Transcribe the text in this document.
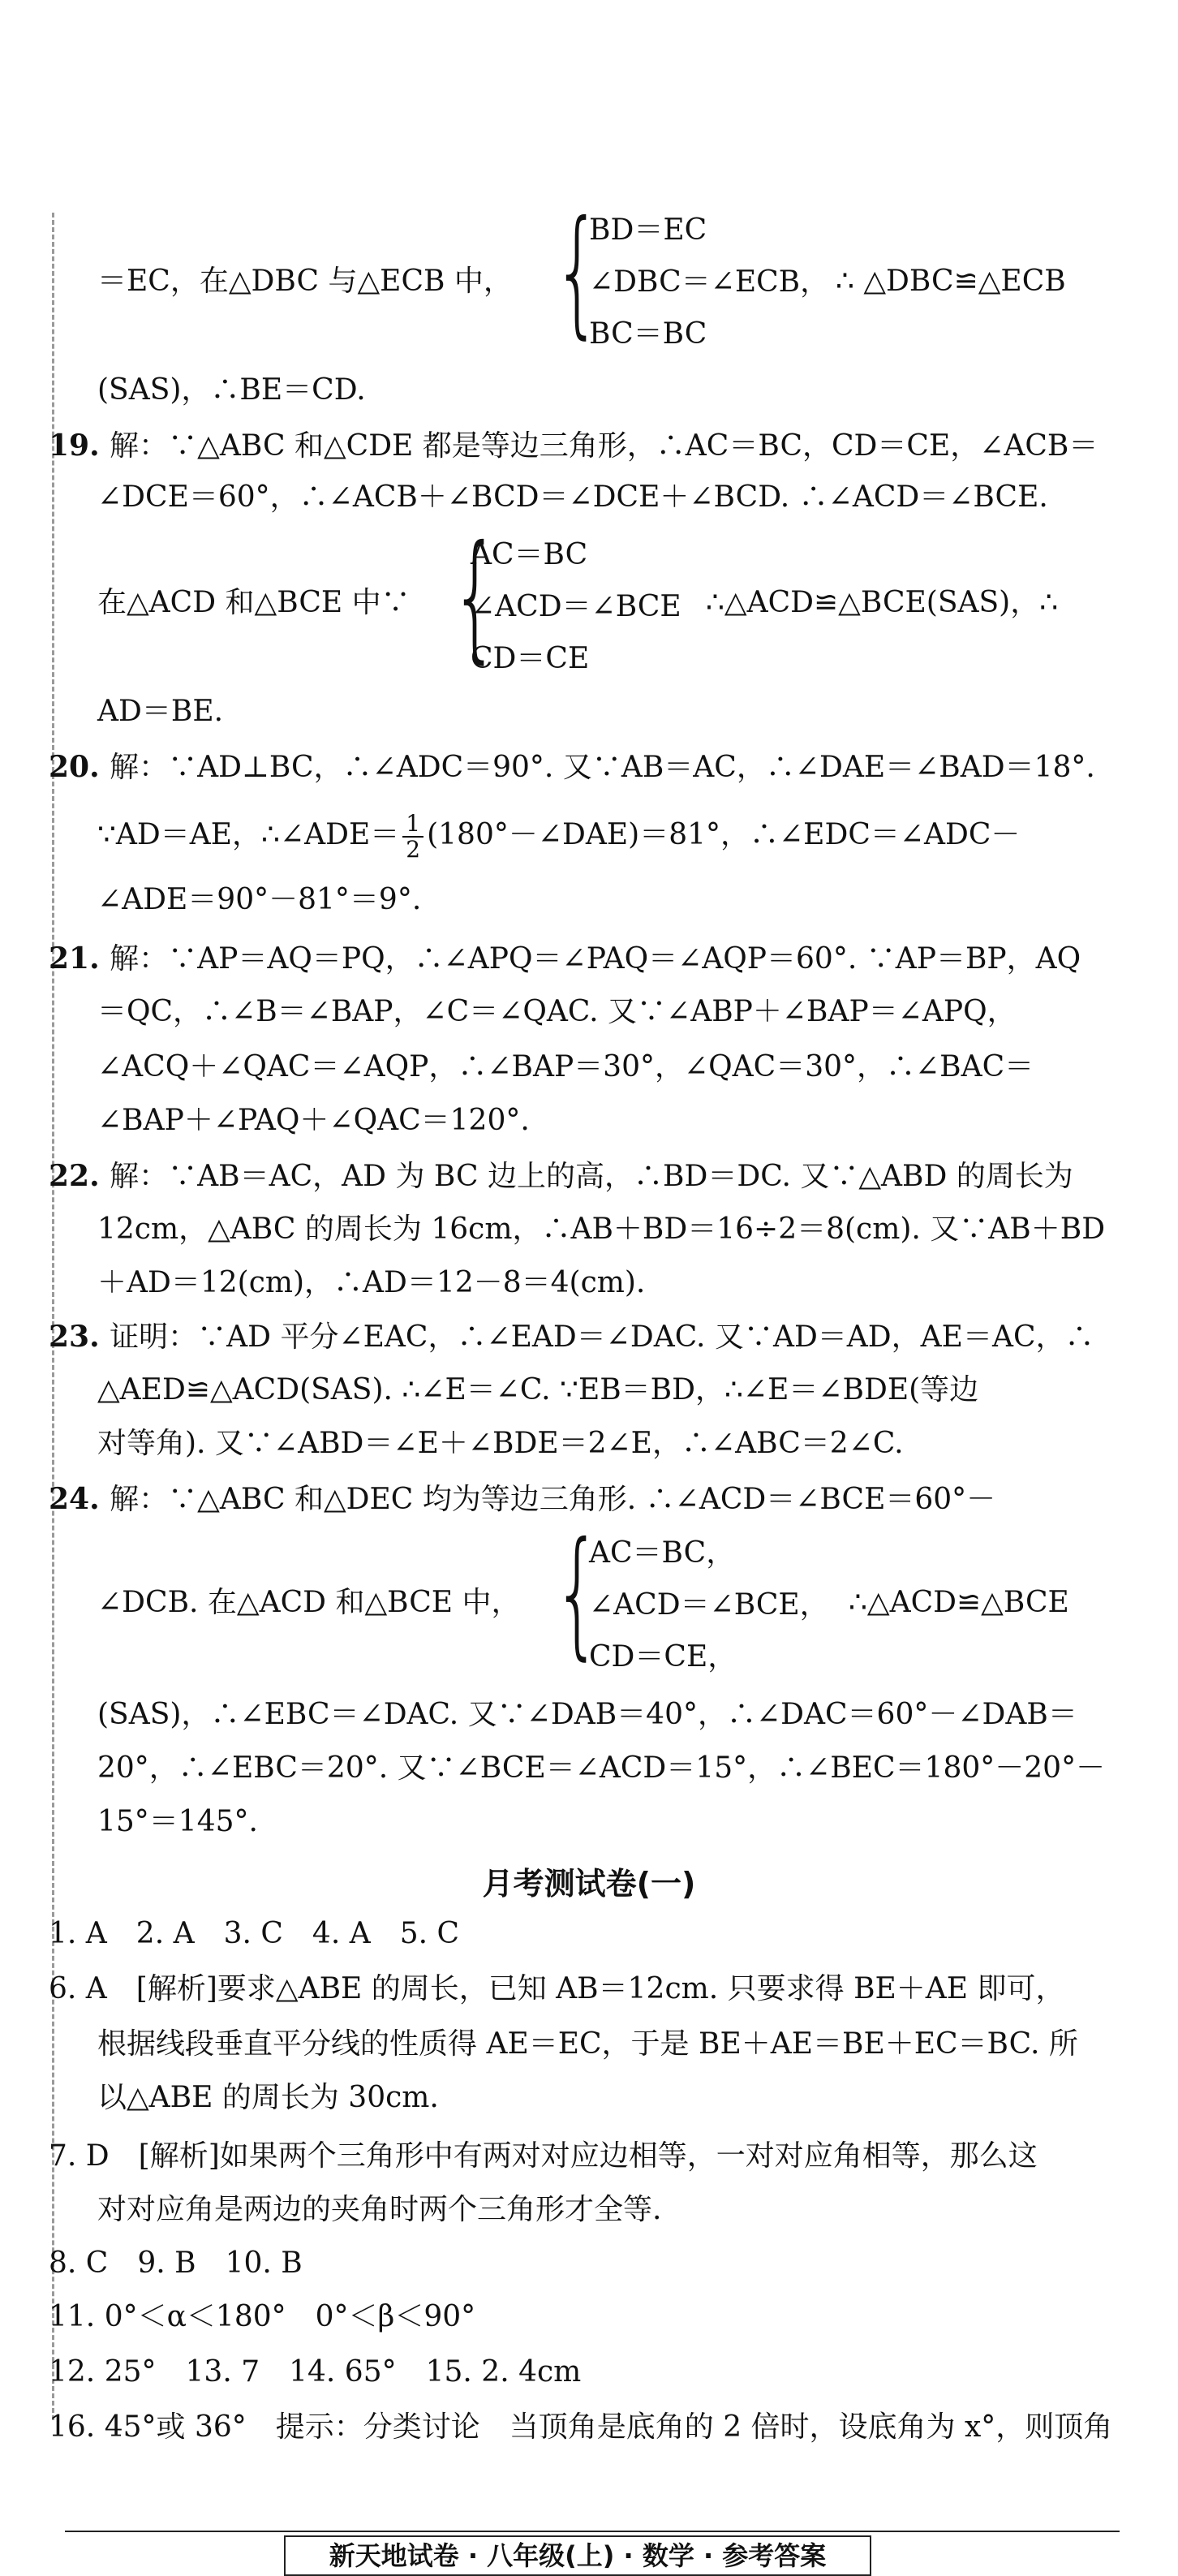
＝EC，在△DBC 与△ECB 中， {
BD＝EC
∠DBC＝∠ECB，
BC＝BC
∴ △DBC≌△ECB
(SAS)，∴BE＝CD.
19. 解：∵△ABC 和△CDE 都是等边三角形，∴AC＝BC，CD＝CE，∠ACB＝
∠DCE＝60°，∴∠ACB＋∠BCD＝∠DCE＋∠BCD. ∴∠ACD＝∠BCE.
在△ACD 和△BCE 中∵ {
AC＝BC
∠ACD＝∠BCE
CD＝CE
∴△ACD≌△BCE(SAS)，∴
AD＝BE.
20. 解：∵AD⊥BC，∴∠ADC＝90°. 又∵AB＝AC，∴∠DAE＝∠BAD＝18°.
∵AD＝AE，∴∠ADE＝ $\frac{1}{2}$ (180°－∠DAE)＝81°，∴∠EDC＝∠ADC－
∠ADE＝90°－81°＝9°.
21. 解：∵AP＝AQ＝PQ，∴∠APQ＝∠PAQ＝∠AQP＝60°. ∵AP＝BP，AQ
＝QC，∴∠B＝∠BAP，∠C＝∠QAC. 又∵∠ABP＋∠BAP＝∠APQ，
∠ACQ＋∠QAC＝∠AQP，∴∠BAP＝30°，∠QAC＝30°，∴∠BAC＝
∠BAP＋∠PAQ＋∠QAC＝120°.
22. 解：∵AB＝AC，AD 为 BC 边上的高，∴BD＝DC. 又∵△ABD 的周长为
12cm，△ABC 的周长为 16cm，∴AB＋BD＝16÷2＝8(cm). 又∵AB＋BD
＋AD＝12(cm)，∴AD＝12－8＝4(cm).
23. 证明：∵AD 平分∠EAC，∴∠EAD＝∠DAC. 又∵AD＝AD，AE＝AC，∴
△AED≌△ACD(SAS). ∴∠E＝∠C. ∵EB＝BD，∴∠E＝∠BDE(等边
对等角). 又∵∠ABD＝∠E＋∠BDE＝2∠E，∴∠ABC＝2∠C.
24. 解：∵△ABC 和△DEC 均为等边三角形. ∴∠ACD＝∠BCE＝60°－
∠DCB. 在△ACD 和△BCE 中， {
AC＝BC，
∠ACD＝∠BCE，
CD＝CE，
∴△ACD≌△BCE
(SAS)，∴∠EBC＝∠DAC. 又∵∠DAB＝40°，∴∠DAC＝60°－∠DAB＝
20°，∴∠EBC＝20°. 又∵∠BCE＝∠ACD＝15°，∴∠BEC＝180°－20°－
15°＝145°.
月考测试卷(一)
1. A　2. A　3. C　4. A　5. C
6. A　[解析]要求△ABE 的周长，已知 AB＝12cm. 只要求得 BE＋AE 即可，
根据线段垂直平分线的性质得 AE＝EC，于是 BE＋AE＝BE＋EC＝BC. 所
以△ABE 的周长为 30cm.
7. D　[解析]如果两个三角形中有两对对应边相等，一对对应角相等，那么这
对对应角是两边的夹角时两个三角形才全等.
8. C　9. B　10. B
11. 0°＜α＜180°　0°＜β＜90°
12. 25°　13. 7　14. 65°　15. 2. 4cm
16. 45°或 36°　提示：分类讨论　当顶角是底角的 2 倍时，设底角为 x°，则顶角
新天地试卷 · 八年级(上) · 数学 · 参考答案
